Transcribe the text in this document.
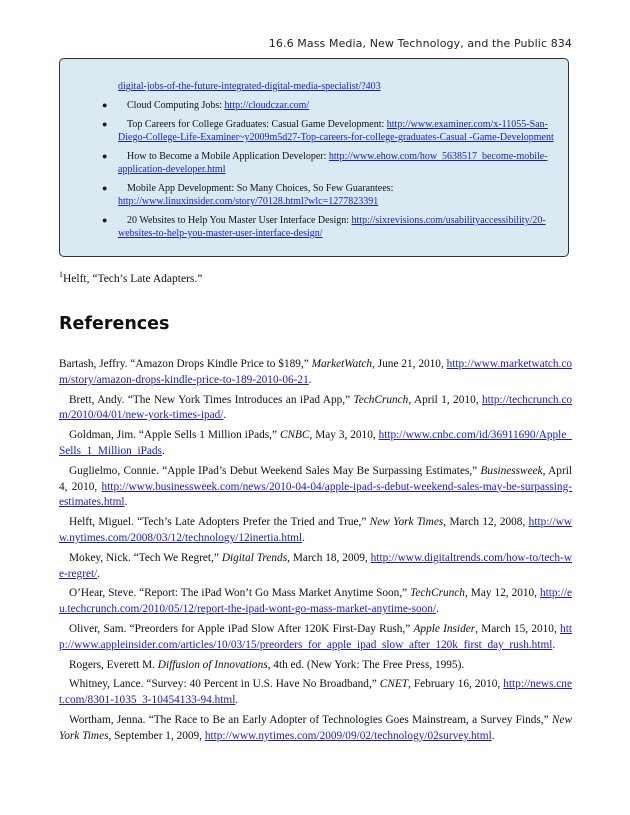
16.6 Mass Media, New Technology, and the Public 834
digital-jobs-of-the-future-integrated-digital-media-specialist/?403
●	Cloud Computing Jobs: http://cloudczar.com/
●	Top Careers for College Graduates: Casual Game Development: http://www.examiner.com/x-11055-San-Diego-College-Life-Examiner~y2009m5d27-Top-careers-for-college-graduates-Casual -Game-Development
●	How to Become a Mobile Application Developer: http://www.ehow.com/how_5638517_become-mobile-application-developer.html
●	Mobile App Development: So Many Choices, So Few Guarantees: http://www.linuxinsider.com/story/70128.html?wlc=1277823391
●	20 Websites to Help You Master User Interface Design: http://sixrevisions.com/usabilityaccessibility/20-websites-to-help-you-master-user-interface-design/
$^1$Helft, “Tech’s Late Adapters.”
References

Bartash, Jeffry. “Amazon Drops Kindle Price to $189,” MarketWatch, June 21, 2010, http://www.marketwatch.com/story/amazon-drops-kindle-price-to-189-2010-06-21.

Brett, Andy. “The New York Times Introduces an iPad App,” TechCrunch, April 1, 2010, http://techcrunch.com/2010/04/01/new-york-times-ipad/.

Goldman, Jim. “Apple Sells 1 Million iPads,” CNBC, May 3, 2010, http://www.cnbc.com/id/36911690/Apple_Sells_1_Million_iPads.

Guglielmo, Connie. “Apple IPad’s Debut Weekend Sales May Be Surpassing Estimates,” Businessweek, April 4, 2010, http://www.businessweek.com/news/2010-04-04/apple-ipad-s-debut-weekend-sales-may-be-surpassing-estimates.html.

Helft, Miguel. “Tech’s Late Adopters Prefer the Tried and True,” New York Times, March 12, 2008, http://www.nytimes.com/2008/03/12/technology/12inertia.html.

Mokey, Nick. “Tech We Regret,” Digital Trends, March 18, 2009, http://www.digitaltrends.com/how-to/tech-we-regret/.

O’Hear, Steve. “Report: The iPad Won’t Go Mass Market Anytime Soon,” TechCrunch, May 12, 2010, http://eu.techcrunch.com/2010/05/12/report-the-ipad-wont-go-mass-market-anytime-soon/.

Oliver, Sam. “Preorders for Apple iPad Slow After 120K First-Day Rush,” Apple Insider, March 15, 2010, http://www.appleinsider.com/articles/10/03/15/preorders_for_apple_ipad_slow_after_120k_first_day_rush.html.

Rogers, Everett M. Diffusion of Innovations, 4th ed. (New York: The Free Press, 1995).

Whitney, Lance. “Survey: 40 Percent in U.S. Have No Broadband,” CNET, February 16, 2010, http://news.cnet.com/8301-1035_3-10454133-94.html.

Wortham, Jenna. “The Race to Be an Early Adopter of Technologies Goes Mainstream, a Survey Finds,” New York Times, September 1, 2009, http://www.nytimes.com/2009/09/02/technology/02survey.html.
